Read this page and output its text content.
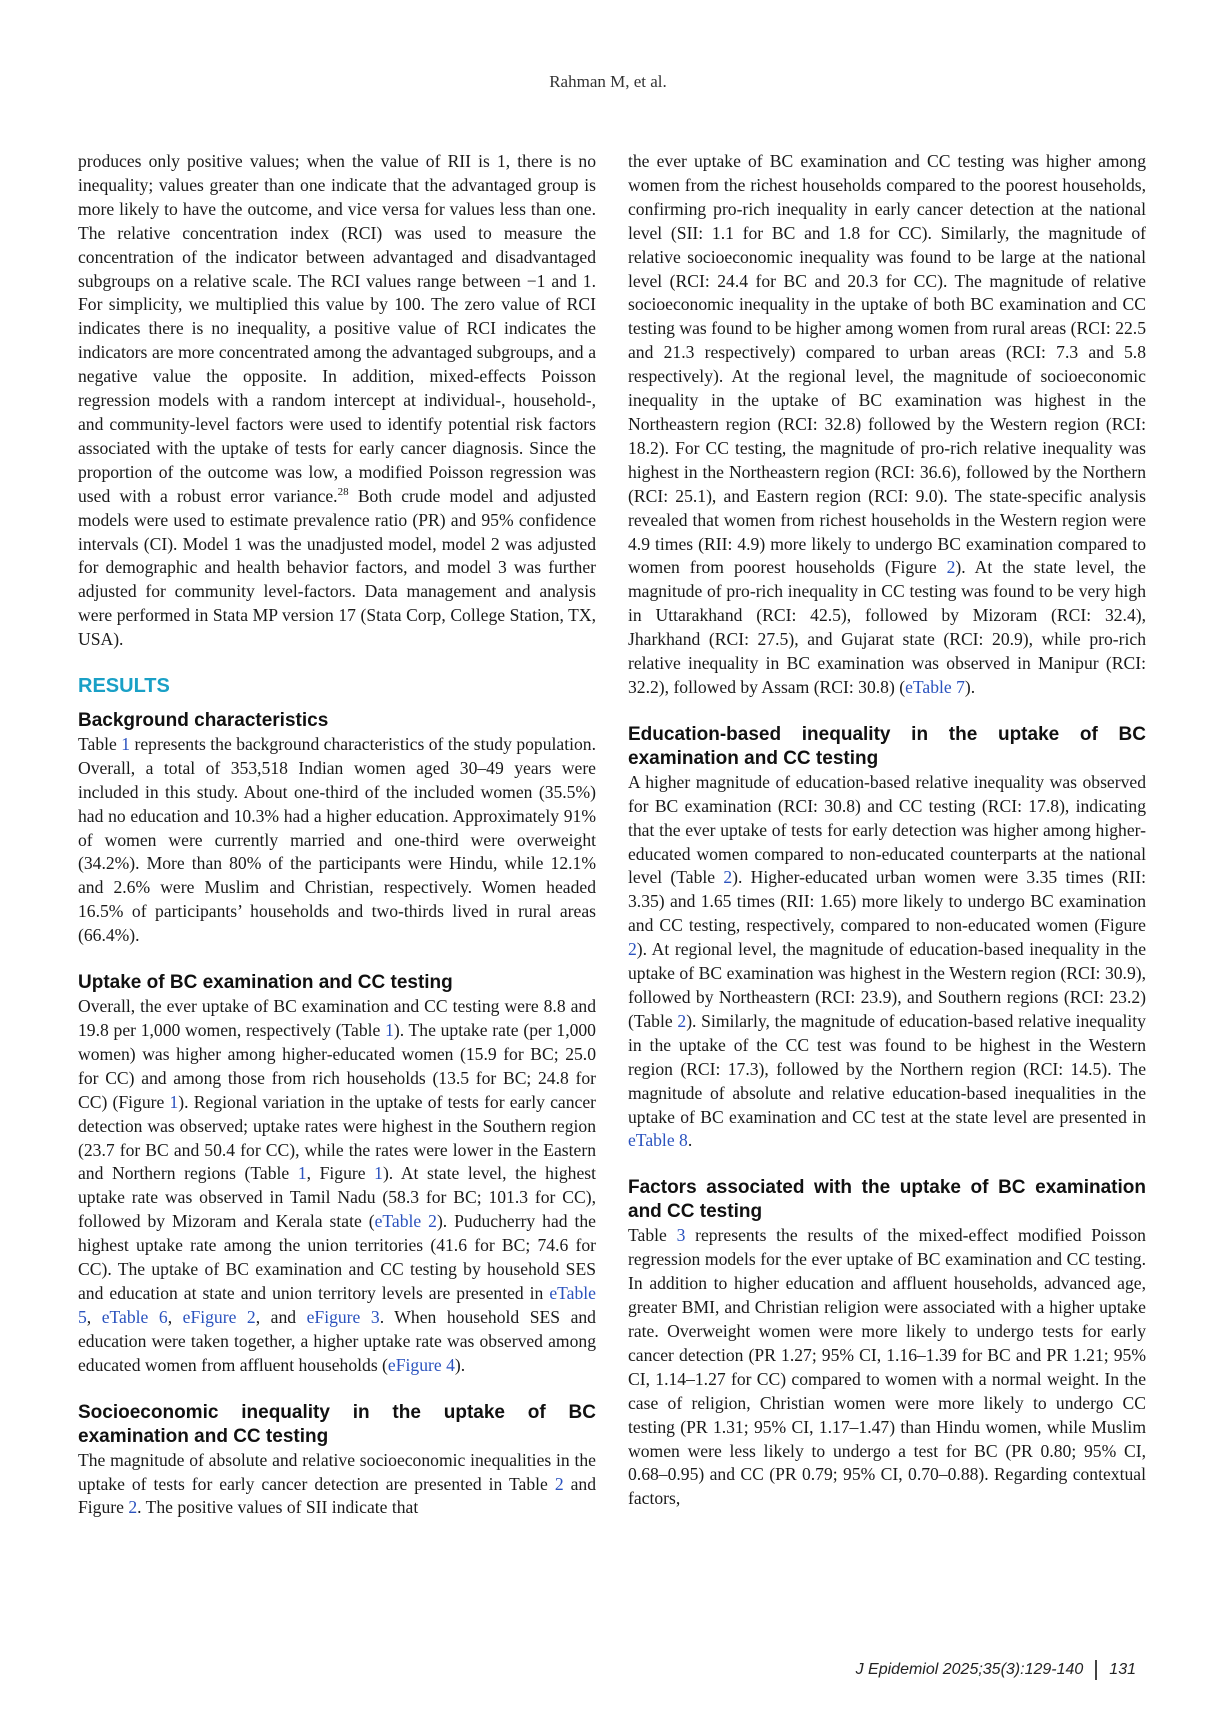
Rahman M, et al.

produces only positive values; when the value of RII is 1, there is no inequality; values greater than one indicate that the advantaged group is more likely to have the outcome, and vice versa for values less than one. The relative concentration index (RCI) was used to measure the concentration of the indicator between advantaged and disadvantaged subgroups on a relative scale. The RCI values range between −1 and 1. For simplicity, we multiplied this value by 100. The zero value of RCI indicates there is no inequality, a positive value of RCI indicates the indicators are more concentrated among the advantaged subgroups, and a negative value the opposite. In addition, mixed-effects Poisson regression models with a random intercept at individual-, household-, and community-level factors were used to identify potential risk factors associated with the uptake of tests for early cancer diagnosis. Since the proportion of the outcome was low, a modified Poisson regression was used with a robust error variance.$^{28}$ Both crude model and adjusted models were used to estimate prevalence ratio (PR) and 95% confidence intervals (CI). Model 1 was the unadjusted model, model 2 was adjusted for demographic and health behavior factors, and model 3 was further adjusted for community level-factors. Data management and analysis were performed in Stata MP version 17 (Stata Corp, College Station, TX, USA).

RESULTS
Background characteristics

Table 1 represents the background characteristics of the study population. Overall, a total of 353,518 Indian women aged 30–49 years were included in this study. About one-third of the included women (35.5%) had no education and 10.3% had a higher education. Approximately 91% of women were currently married and one-third were overweight (34.2%). More than 80% of the participants were Hindu, while 12.1% and 2.6% were Muslim and Christian, respectively. Women headed 16.5% of participants’ households and two-thirds lived in rural areas (66.4%).

Uptake of BC examination and CC testing

Overall, the ever uptake of BC examination and CC testing were 8.8 and 19.8 per 1,000 women, respectively (Table 1). The uptake rate (per 1,000 women) was higher among higher-educated women (15.9 for BC; 25.0 for CC) and among those from rich households (13.5 for BC; 24.8 for CC) (Figure 1). Regional variation in the uptake of tests for early cancer detection was observed; uptake rates were highest in the Southern region (23.7 for BC and 50.4 for CC), while the rates were lower in the Eastern and Northern regions (Table 1, Figure 1). At state level, the highest uptake rate was observed in Tamil Nadu (58.3 for BC; 101.3 for CC), followed by Mizoram and Kerala state (eTable 2). Puducherry had the highest uptake rate among the union territories (41.6 for BC; 74.6 for CC). The uptake of BC examination and CC testing by household SES and education at state and union territory levels are presented in eTable 5, eTable 6, eFigure 2, and eFigure 3. When household SES and education were taken together, a higher uptake rate was observed among educated women from affluent households (eFigure 4).

Socioeconomic inequality in the uptake of BC examination and CC testing

The magnitude of absolute and relative socioeconomic inequalities in the uptake of tests for early cancer detection are presented in Table 2 and Figure 2. The positive values of SII indicate that

the ever uptake of BC examination and CC testing was higher among women from the richest households compared to the poorest households, confirming pro-rich inequality in early cancer detection at the national level (SII: 1.1 for BC and 1.8 for CC). Similarly, the magnitude of relative socioeconomic inequality was found to be large at the national level (RCI: 24.4 for BC and 20.3 for CC). The magnitude of relative socioeconomic inequality in the uptake of both BC examination and CC testing was found to be higher among women from rural areas (RCI: 22.5 and 21.3 respectively) compared to urban areas (RCI: 7.3 and 5.8 respectively). At the regional level, the magnitude of socioeconomic inequality in the uptake of BC examination was highest in the Northeastern region (RCI: 32.8) followed by the Western region (RCI: 18.2). For CC testing, the magnitude of pro-rich relative inequality was highest in the Northeastern region (RCI: 36.6), followed by the Northern (RCI: 25.1), and Eastern region (RCI: 9.0). The state-specific analysis revealed that women from richest households in the Western region were 4.9 times (RII: 4.9) more likely to undergo BC examination compared to women from poorest households (Figure 2). At the state level, the magnitude of pro-rich inequality in CC testing was found to be very high in Uttarakhand (RCI: 42.5), followed by Mizoram (RCI: 32.4), Jharkhand (RCI: 27.5), and Gujarat state (RCI: 20.9), while pro-rich relative inequality in BC examination was observed in Manipur (RCI: 32.2), followed by Assam (RCI: 30.8) (eTable 7).

Education-based inequality in the uptake of BC examination and CC testing

A higher magnitude of education-based relative inequality was observed for BC examination (RCI: 30.8) and CC testing (RCI: 17.8), indicating that the ever uptake of tests for early detection was higher among higher-educated women compared to non-educated counterparts at the national level (Table 2). Higher-educated urban women were 3.35 times (RII: 3.35) and 1.65 times (RII: 1.65) more likely to undergo BC examination and CC testing, respectively, compared to non-educated women (Figure 2). At regional level, the magnitude of education-based inequality in the uptake of BC examination was highest in the Western region (RCI: 30.9), followed by Northeastern (RCI: 23.9), and Southern regions (RCI: 23.2) (Table 2). Similarly, the magnitude of education-based relative inequality in the uptake of the CC test was found to be highest in the Western region (RCI: 17.3), followed by the Northern region (RCI: 14.5). The magnitude of absolute and relative education-based inequalities in the uptake of BC examination and CC test at the state level are presented in eTable 8.

Factors associated with the uptake of BC examination and CC testing

Table 3 represents the results of the mixed-effect modified Poisson regression models for the ever uptake of BC examination and CC testing. In addition to higher education and affluent households, advanced age, greater BMI, and Christian religion were associated with a higher uptake rate. Overweight women were more likely to undergo tests for early cancer detection (PR 1.27; 95% CI, 1.16–1.39 for BC and PR 1.21; 95% CI, 1.14–1.27 for CC) compared to women with a normal weight. In the case of religion, Christian women were more likely to undergo CC testing (PR 1.31; 95% CI, 1.17–1.47) than Hindu women, while Muslim women were less likely to undergo a test for BC (PR 0.80; 95% CI, 0.68–0.95) and CC (PR 0.79; 95% CI, 0.70–0.88). Regarding contextual factors,

J Epidemiol 2025;35(3):129-140 131
